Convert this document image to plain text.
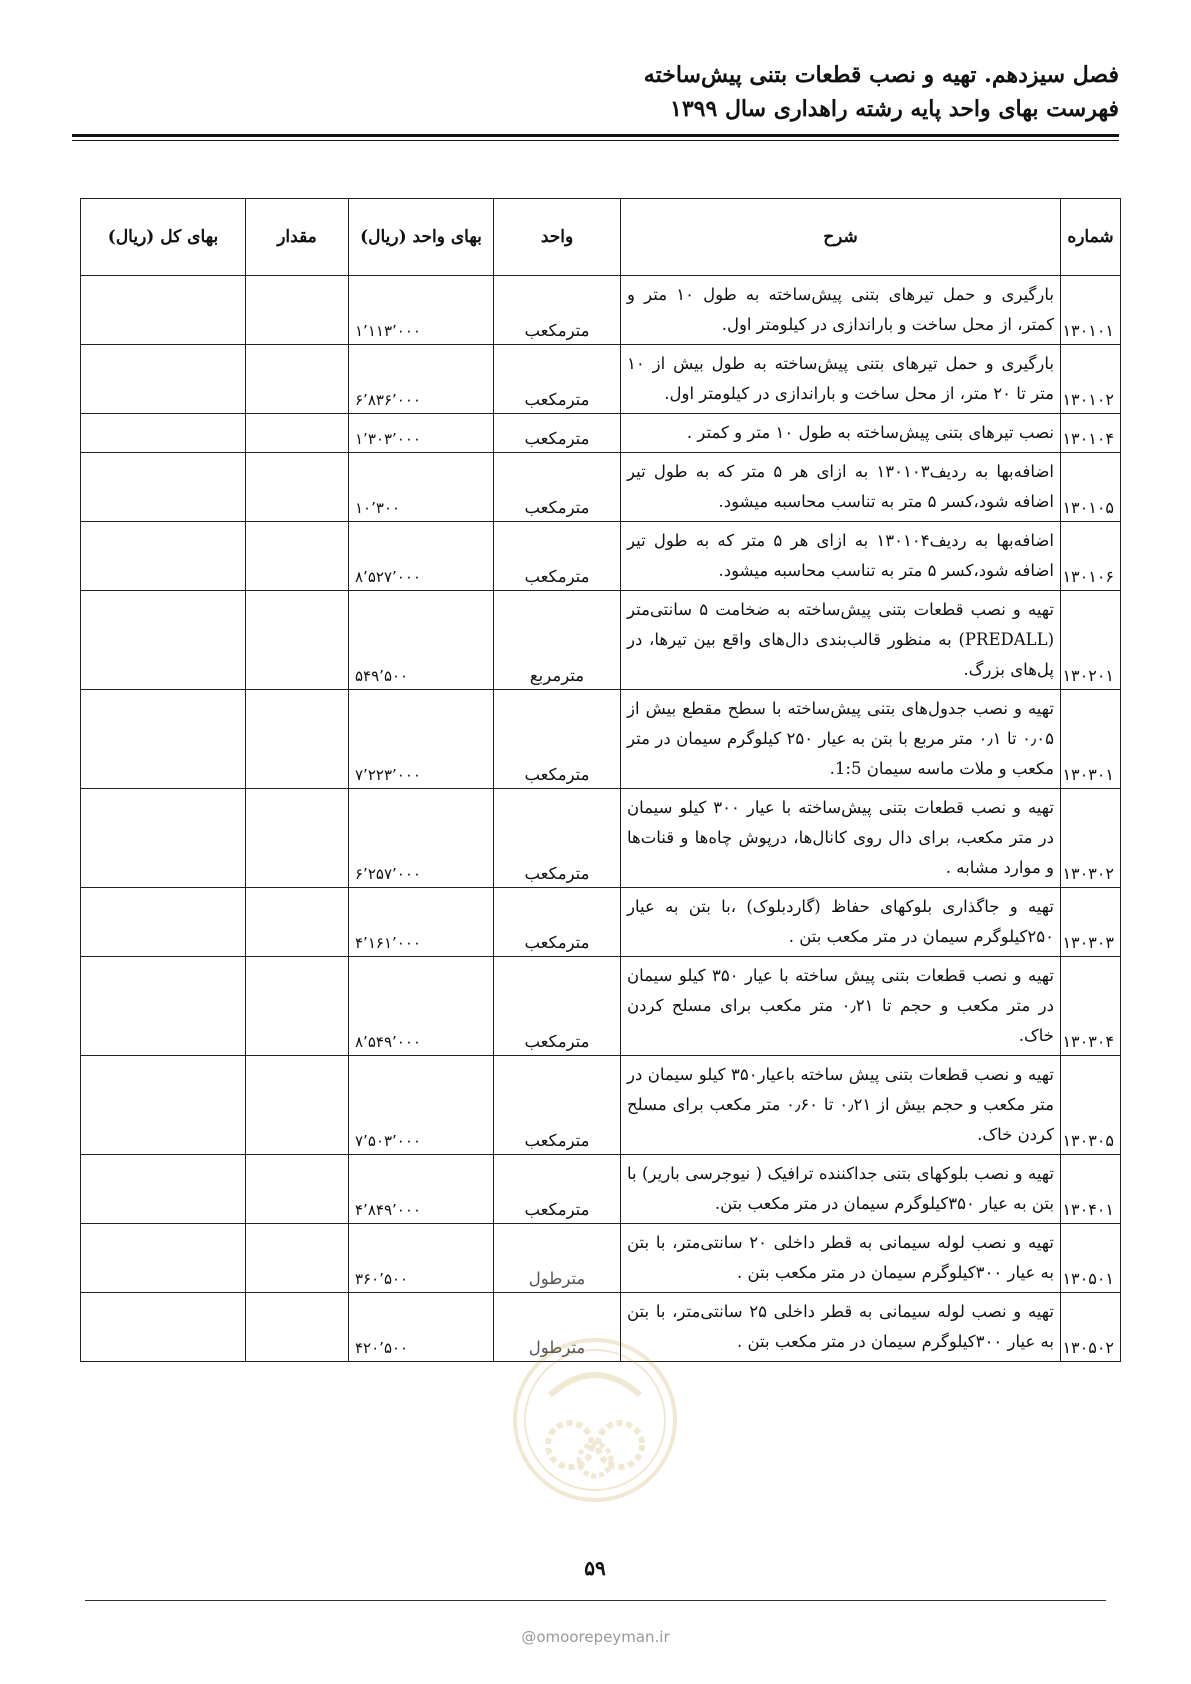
فصل سیزدهم. تهیه و نصب قطعات بتنی پیش‌ساخته
فهرست بهای واحد پایه رشته راهداری سال ۱۳۹۹
شماره	شرح	واحد	بهای واحد (ریال)	مقدار	بهای کل (ریال)
۱۳۰۱۰۱	بارگیری و حمل تیرهای بتنی پیش‌ساخته به طول ۱۰ متر و کمتر، از محل ساخت و باراندازی در کیلومتر اول.	مترمکعب	۱٬۱۱۳٬۰۰۰		
۱۳۰۱۰۲	بارگیری و حمل تیرهای بتنی پیش‌ساخته به طول بیش از ۱۰ متر تا ۲۰ متر، از محل ساخت و باراندازی در کیلومتر اول.	مترمکعب	۶٬۸۳۶٬۰۰۰		
۱۳۰۱۰۴	نصب تیرهای بتنی پیش‌ساخته به طول ۱۰ متر و کمتر .	مترمکعب	۱٬۳۰۳٬۰۰۰		
۱۳۰۱۰۵	اضافه‌بها به ردیف۱۳۰۱۰۳ به ازای هر ۵ متر که به طول تیر اضافه شود،کسر ۵ متر به تناسب محاسبه میشود.	مترمکعب	۱۰٬۳۰۰		
۱۳۰۱۰۶	اضافه‌بها به ردیف۱۳۰۱۰۴ به ازای هر ۵ متر که به طول تیر اضافه شود،کسر ۵ متر به تناسب محاسبه میشود.	مترمکعب	۸٬۵۲۷٬۰۰۰		
۱۳۰۲۰۱	تهیه و نصب قطعات بتنی پیش‌ساخته به ضخامت ۵ سانتی‌متر (PREDALL) به منظور قالب‌بندی دال‌های واقع بین تیرها، در پل‌های بزرگ.	مترمربع	۵۴۹٬۵۰۰		
۱۳۰۳۰۱	تهیه و نصب جدول‌های بتنی پیش‌ساخته با سطح مقطع بیش از ۰٫۰۵ تا ۰٫۱ متر مربع با بتن به عیار ۲۵۰ کیلوگرم سیمان در متر مکعب و ملات ماسه سیمان 1:5.	مترمکعب	۷٬۲۲۳٬۰۰۰		
۱۳۰۳۰۲	تهیه و نصب قطعات بتنی پیش‌ساخته با عیار ۳۰۰ کیلو سیمان در متر مکعب، برای دال روی کانال‌ها، درپوش چاه‌ها و قنات‌ها و موارد مشابه .	مترمکعب	۶٬۲۵۷٬۰۰۰		
۱۳۰۳۰۳	تهیه و جاگذاری بلوکهای حفاظ (گاردبلوک) ،با بتن به عیار ۲۵۰کیلوگرم سیمان در متر مکعب بتن .	مترمکعب	۴٬۱۶۱٬۰۰۰		
۱۳۰۳۰۴	تهیه و نصب قطعات بتنی پیش ساخته با عیار ۳۵۰ کیلو سیمان در متر مکعب و حجم تا ۰٫۲۱ متر مکعب برای مسلح کردن خاک.	مترمکعب	۸٬۵۴۹٬۰۰۰		
۱۳۰۳۰۵	تهیه و نصب قطعات بتنی پیش ساخته باعیار۳۵۰ کیلو سیمان در متر مکعب و حجم بیش از ۰٫۲۱ تا ۰٫۶۰ متر مکعب برای مسلح کردن خاک.	مترمکعب	۷٬۵۰۳٬۰۰۰		
۱۳۰۴۰۱	تهیه و نصب بلوکهای بتنی جداکننده ترافیک ( نیوجرسی باریر) با بتن به عیار ۳۵۰کیلوگرم سیمان در متر مکعب بتن.	مترمکعب	۴٬۸۴۹٬۰۰۰		
۱۳۰۵۰۱	تهیه و نصب لوله سیمانی به قطر داخلی ۲۰ سانتی‌متر، با بتن به عیار ۳۰۰کیلوگرم سیمان در متر مکعب بتن .	مترطول	۳۶۰٬۵۰۰		
۱۳۰۵۰۲	تهیه و نصب لوله سیمانی به قطر داخلی ۲۵ سانتی‌متر، با بتن به عیار ۳۰۰کیلوگرم سیمان در متر مکعب بتن .	مترطول	۴۲۰٬۵۰۰		
۵۹
@omoorepeyman.ir
